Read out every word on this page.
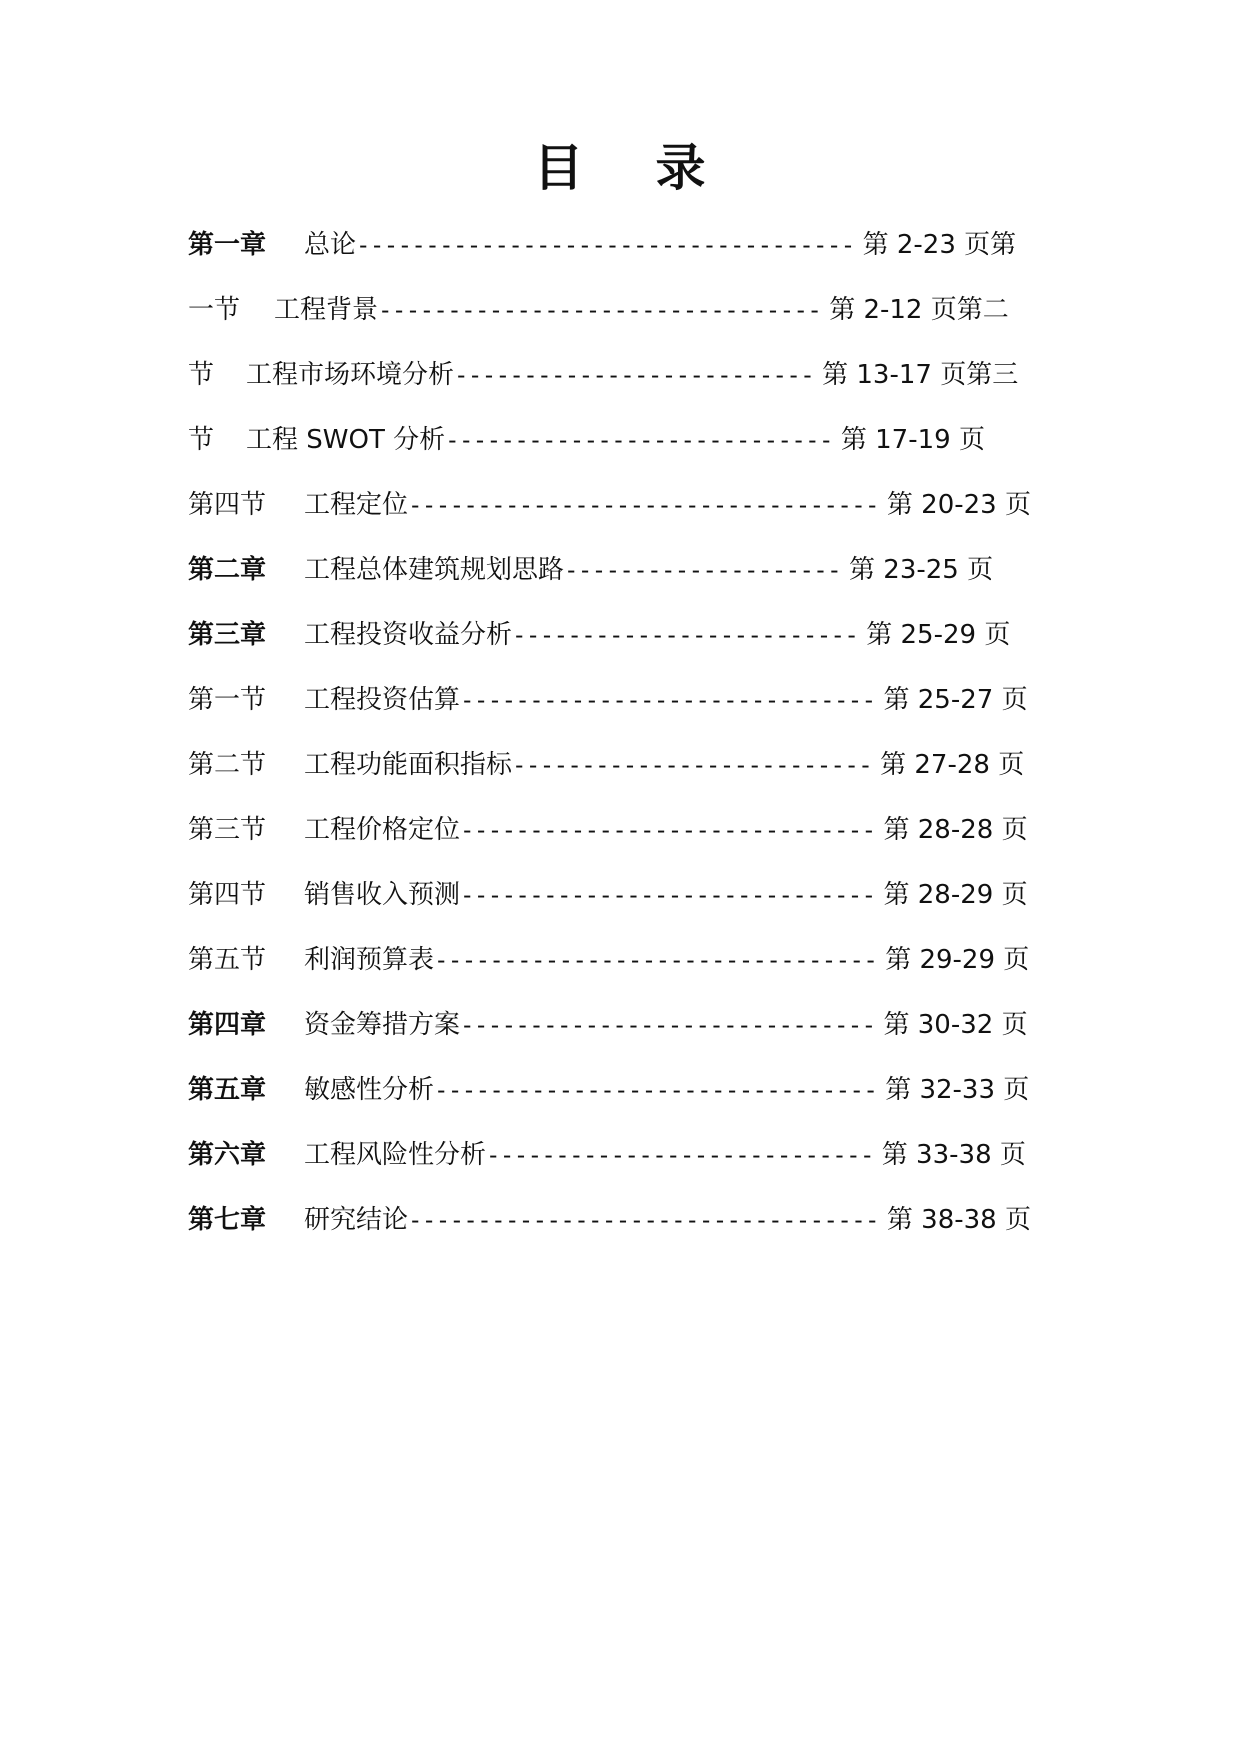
目 录
第一章 总论------------------------------------ 第 2-23 页第
一节 工程背景-------------------------------- 第 2-12 页第二
节 工程市场环境分析-------------------------- 第 13-17 页第三
节 工程 SWOT 分析---------------------------- 第 17-19 页
第四节 工程定位---------------------------------- 第 20-23 页
第二章 工程总体建筑规划思路-------------------- 第 23-25 页
第三章 工程投资收益分析------------------------- 第 25-29 页
第一节 工程投资估算------------------------------ 第 25-27 页
第二节 工程功能面积指标-------------------------- 第 27-28 页
第三节 工程价格定位------------------------------ 第 28-28 页
第四节 销售收入预测------------------------------ 第 28-29 页
第五节 利润预算表-------------------------------- 第 29-29 页
第四章 资金筹措方案------------------------------ 第 30-32 页
第五章 敏感性分析-------------------------------- 第 32-33 页
第六章 工程风险性分析---------------------------- 第 33-38 页
第七章 研究结论---------------------------------- 第 38-38 页
